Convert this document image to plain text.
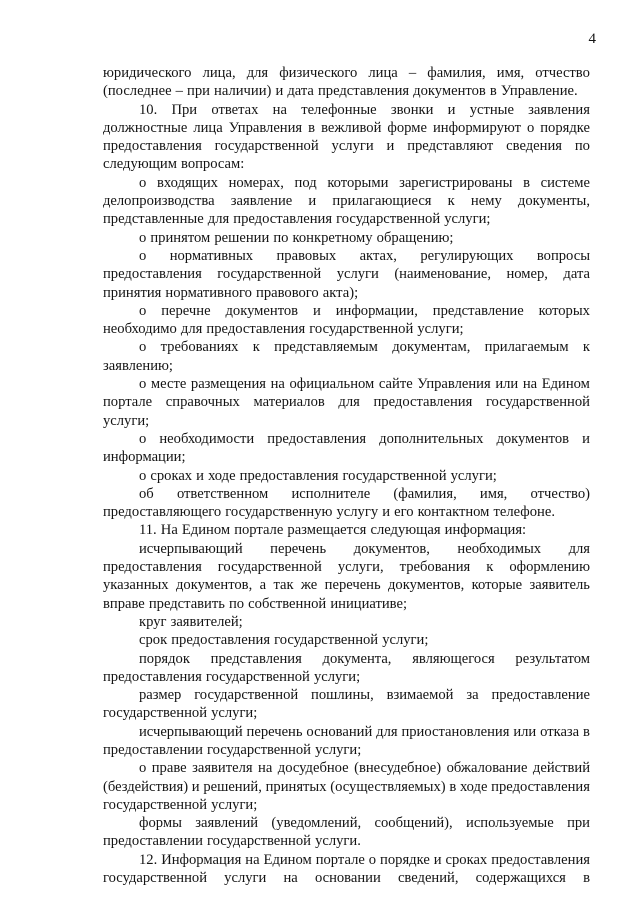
4
юридического лица, для физического лица – фамилия, имя, отчество
(последнее – при наличии) и дата представления документов в Управление.
10. При ответах на телефонные звонки и устные заявления
должностные лица Управления в вежливой форме информируют о порядке
предоставления государственной услуги и представляют сведения по
следующим вопросам:
о входящих номерах, под которыми зарегистрированы в системе
делопроизводства заявление и прилагающиеся к нему документы,
представленные для предоставления государственной услуги;
о принятом решении по конкретному обращению;
о нормативных правовых актах, регулирующих вопросы
предоставления государственной услуги (наименование, номер, дата
принятия нормативного правового акта);
о перечне документов и информации, представление которых
необходимо для предоставления государственной услуги;
о требованиях к представляемым документам, прилагаемым к
заявлению;
о месте размещения на официальном сайте Управления или на Едином
портале справочных материалов для предоставления государственной
услуги;
о необходимости предоставления дополнительных документов и
информации;
о сроках и ходе предоставления государственной услуги;
об ответственном исполнителе (фамилия, имя, отчество)
предоставляющего государственную услугу и его контактном телефоне.
11. На Едином портале размещается следующая информация:
исчерпывающий перечень документов, необходимых для
предоставления государственной услуги, требования к оформлению
указанных документов, а так же перечень документов, которые заявитель
вправе представить по собственной инициативе;
круг заявителей;
срок предоставления государственной услуги;
порядок представления документа, являющегося результатом
предоставления государственной услуги;
размер государственной пошлины, взимаемой за предоставление
государственной услуги;
исчерпывающий перечень оснований для приостановления или отказа в
предоставлении государственной услуги;
о праве заявителя на досудебное (внесудебное) обжалование действий
(бездействия) и решений, принятых (осуществляемых) в ходе предоставления
государственной услуги;
формы заявлений (уведомлений, сообщений), используемые при
предоставлении государственной услуги.
12. Информация на Едином портале о порядке и сроках предоставления
государственной услуги на основании сведений, содержащихся в
